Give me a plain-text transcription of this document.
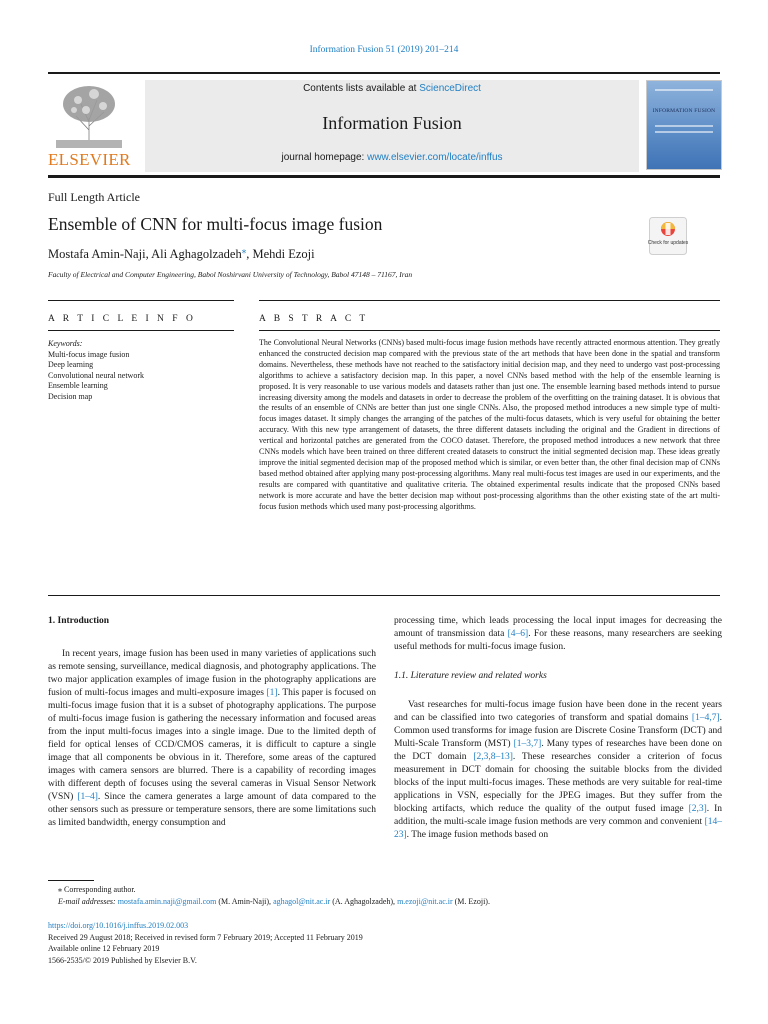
Information Fusion 51 (2019) 201–214
ELSEVIER
Contents lists available at ScienceDirect
Information Fusion
journal homepage: www.elsevier.com/locate/inffus
INFORMATION FUSION
Full Length Article
Ensemble of CNN for multi-focus image fusion
Mostafa Amin-Naji, Ali Aghagolzadeh⁎, Mehdi Ezoji
Faculty of Electrical and Computer Engineering, Babol Noshirvani University of Technology, Babol 47148 – 71167, Iran
Check for updates
A R T I C L E I N F O	A B S T R A C T
Keywords:
Multi-focus image fusion
Deep learning
Convolutional neural network
Ensemble learning
Decision map

The Convolutional Neural Networks (CNNs) based multi-focus image fusion methods have recently attracted enormous attention. They greatly enhanced the constructed decision map compared with the previous state of the art methods that have been done in the spatial and transform domains. Nevertheless, these methods have not reached to the satisfactory initial decision map, and they need to undergo vast post-processing algorithms to achieve a satisfactory decision map. In this paper, a novel CNNs based method with the help of the ensemble learning is proposed. It is very reasonable to use various models and datasets rather than just one. The ensemble learning based methods intend to pursue increasing diversity among the models and datasets in order to decrease the problem of the overfitting on the training dataset. It is obvious that the results of an ensemble of CNNs are better than just one single CNNs. Also, the proposed method introduces a new simple type of multi-focus images dataset. It simply changes the arranging of the patches of the multi-focus datasets, which is very useful for obtaining the better accuracy. With this new type arrangement of datasets, the three different datasets including the original and the Gradient in directions of vertical and horizontal patches are generated from the COCO dataset. Therefore, the proposed method introduces a new network that three CNNs models which have been trained on three different created datasets to construct the initial segmented decision map. These ideas greatly improve the initial segmented decision map of the proposed method which is similar, or even better than, the other final decision map of CNNs based method obtained after applying many post-processing algorithms. Many real multi-focus test images are used in our experiments, and the results are compared with quantitative and qualitative criteria. The obtained experimental results indicate that the proposed CNNs based network is more accurate and have the better decision map without post-processing algorithms than the other existing state of the art multi-focus fusion methods which used many post-processing algorithms.

1. Introduction

In recent years, image fusion has been used in many varieties of applications such as remote sensing, surveillance, medical diagnosis, and photography applications. The two major application examples of image fusion in the photography applications are fusion of multi-focus images and multi-exposure images [1]. This paper is focused on multi-focus image fusion that it is a subset of photography applications. The purpose of multi-focus image fusion is gathering the necessary information and focused areas from the input multi-focus images into a single image. Due to the limited depth of field for optical lenses of CCD/CMOS cameras, it is difficult to capture a single image that all components be obvious in it. Therefore, some areas of the captured images with camera sensors are blurred. There is a capability of recording images with different depth of focuses using the several cameras in Visual Sensor Network (VSN) [1–4]. Since the camera generates a large amount of data compared to the other sensors such as pressure or temperature sensors, there are some limitations such as limited bandwidth, energy consumption and

processing time, which leads processing the local input images for decreasing the amount of transmission data [4–6]. For these reasons, many researchers are seeking useful methods for multi-focus image fusion.

1.1. Literature review and related works

Vast researches for multi-focus image fusion have been done in the recent years and can be classified into two categories of transform and spatial domains [1–4,7]. Common used transforms for image fusion are Discrete Cosine Transform (DCT) and Multi-Scale Transform (MST) [1–3,7]. Many types of researches have been done on the DCT domain [2,3,8–13]. These researches consider a criterion of focus measurement in DCT domain for choosing the suitable blocks from the divided blocks of the input multi-focus images. These methods are very suitable for real-time applications in VSN, especially for the JPEG images. But they suffer from the blocking artifacts, which reduce the quality of the output fused image [2,3]. In addition, the multi-scale image fusion methods are very common and convenient [14–23]. The image fusion methods based on

⁎ Corresponding author.
E-mail addresses: mostafa.amin.naji@gmail.com (M. Amin-Naji), aghagol@nit.ac.ir (A. Aghagolzadeh), m.ezoji@nit.ac.ir (M. Ezoji).
https://doi.org/10.1016/j.inffus.2019.02.003
Received 29 August 2018; Received in revised form 7 February 2019; Accepted 11 February 2019
Available online 12 February 2019
1566-2535/© 2019 Published by Elsevier B.V.
